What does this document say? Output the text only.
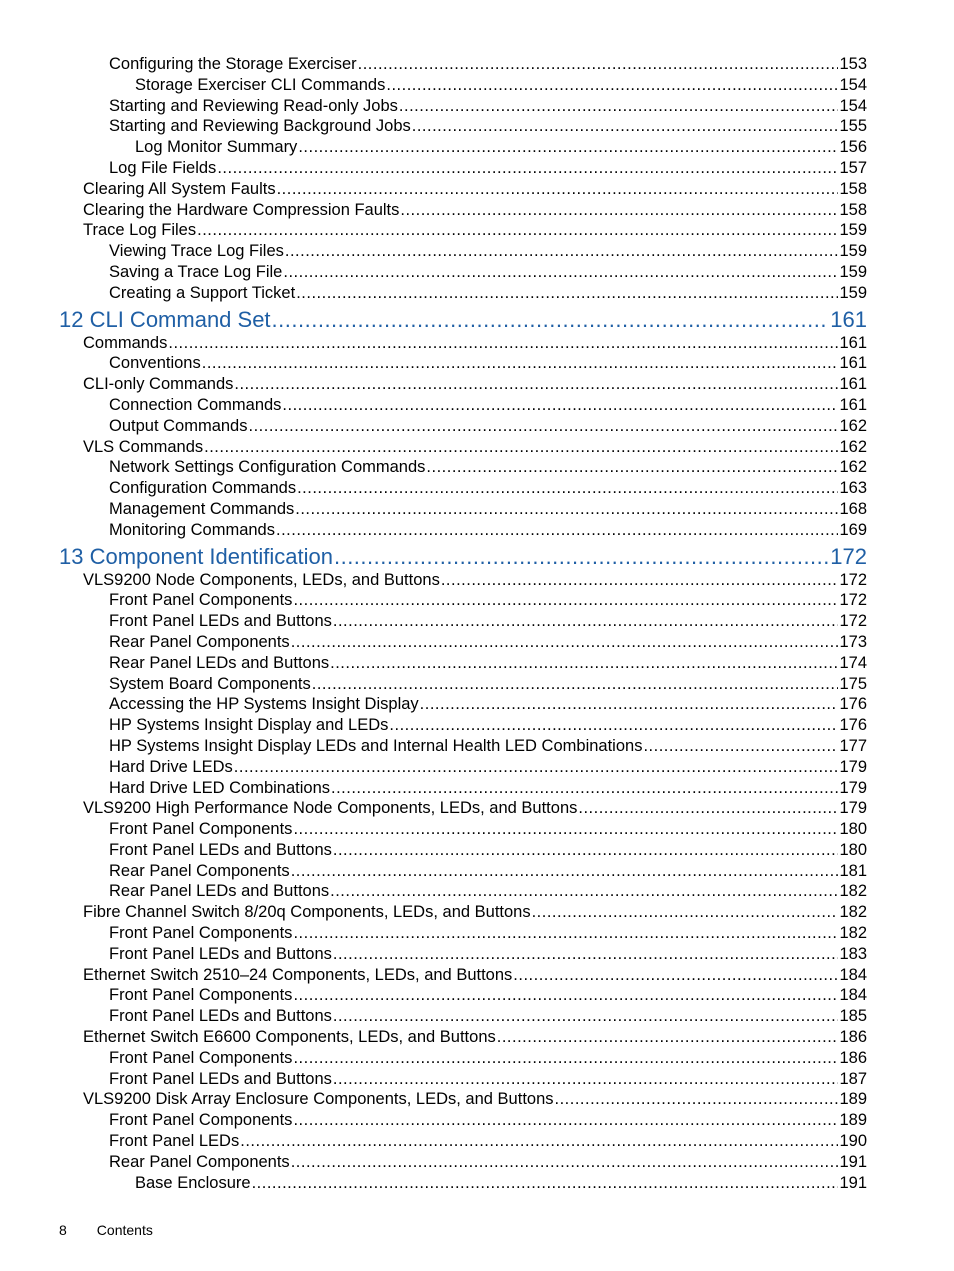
Configuring the Storage Exerciser .....	153
Storage Exerciser CLI Commands .....	154
Starting and Reviewing Read-only Jobs .....	154
Starting and Reviewing Background Jobs .....	155
Log Monitor Summary .....	156
Log File Fields .....	157
Clearing All System Faults .....	158
Clearing the Hardware Compression Faults .....	158
Trace Log Files .....	159
Viewing Trace Log Files .....	159
Saving a Trace Log File .....	159
Creating a Support Ticket .....	159
12 CLI Command Set .....	161
Commands .....	161
Conventions .....	161
CLI-only Commands .....	161
Connection Commands .....	161
Output Commands .....	162
VLS Commands .....	162
Network Settings Configuration Commands .....	162
Configuration Commands .....	163
Management Commands .....	168
Monitoring Commands .....	169
13 Component Identification .....	172
VLS9200 Node Components, LEDs, and Buttons .....	172
Front Panel Components .....	172
Front Panel LEDs and Buttons .....	172
Rear Panel Components .....	173
Rear Panel LEDs and Buttons .....	174
System Board Components .....	175
Accessing the HP Systems Insight Display .....	176
HP Systems Insight Display and LEDs .....	176
HP Systems Insight Display LEDs and Internal Health LED Combinations .....	177
Hard Drive LEDs .....	179
Hard Drive LED Combinations .....	179
VLS9200 High Performance Node Components, LEDs, and Buttons .....	179
Front Panel Components .....	180
Front Panel LEDs and Buttons .....	180
Rear Panel Components .....	181
Rear Panel LEDs and Buttons .....	182
Fibre Channel Switch 8/20q Components, LEDs, and Buttons .....	182
Front Panel Components .....	182
Front Panel LEDs and Buttons .....	183
Ethernet Switch 2510–24 Components, LEDs, and Buttons .....	184
Front Panel Components .....	184
Front Panel LEDs and Buttons .....	185
Ethernet Switch E6600 Components, LEDs, and Buttons .....	186
Front Panel Components .....	186
Front Panel LEDs and Buttons .....	187
VLS9200 Disk Array Enclosure Components, LEDs, and Buttons .....	189
Front Panel Components .....	189
Front Panel LEDs .....	190
Rear Panel Components .....	191
Base Enclosure .....	191
8 Contents
